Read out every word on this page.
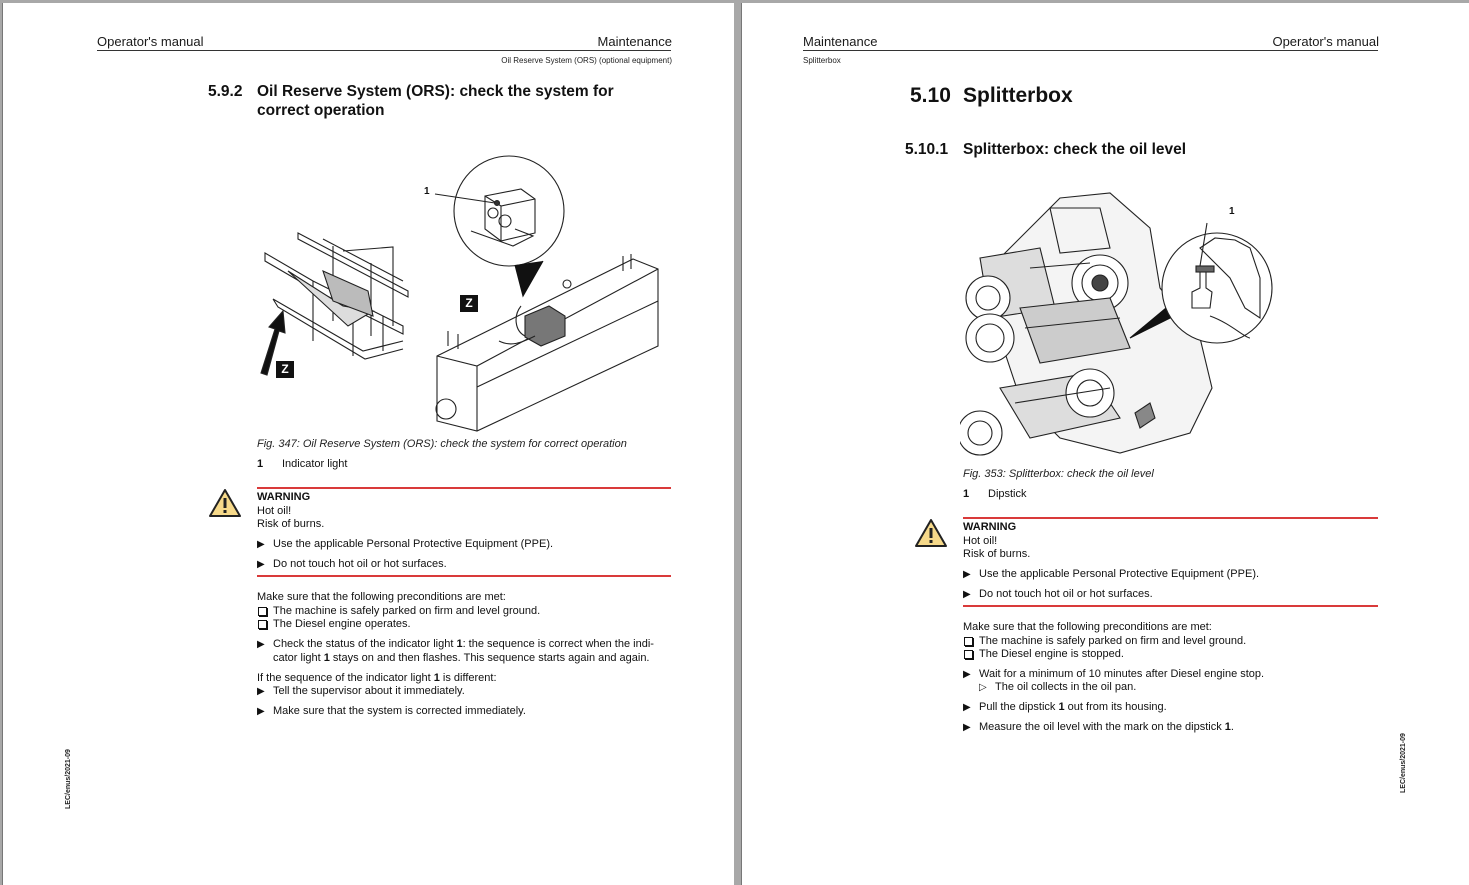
Operator's manual	Maintenance
Oil Reserve System (ORS) (optional equipment)
5.9.2 Oil Reserve System (ORS): check the system for
correct operation
1
Z
Z
Fig. 347: Oil Reserve System (ORS): check the system for correct operation
1 Indicator light
WARNING
Hot oil!
Risk of burns.
▶ Use the applicable Personal Protective Equipment (PPE).
▶ Do not touch hot oil or hot surfaces.
Make sure that the following preconditions are met:
The machine is safely parked on firm and level ground.
The Diesel engine operates.
▶ Check the status of the indicator light 1: the sequence is correct when the indi-
cator light 1 stays on and then flashes. This sequence starts again and again.
If the sequence of the indicator light 1 is different:
▶ Tell the supervisor about it immediately.
▶ Make sure that the system is corrected immediately.
LEC/enus/2021-09
Maintenance	Operator's manual
Splitterbox
5.10 Splitterbox
5.10.1 Splitterbox: check the oil level
1
Fig. 353: Splitterbox: check the oil level
1 Dipstick
WARNING
Hot oil!
Risk of burns.
▶ Use the applicable Personal Protective Equipment (PPE).
▶ Do not touch hot oil or hot surfaces.
Make sure that the following preconditions are met:
The machine is safely parked on firm and level ground.
The Diesel engine is stopped.
▶ Wait for a minimum of 10 minutes after Diesel engine stop.
▷ The oil collects in the oil pan.
▶ Pull the dipstick 1 out from its housing.
▶ Measure the oil level with the mark on the dipstick 1.
LEC/enus/2021-09
